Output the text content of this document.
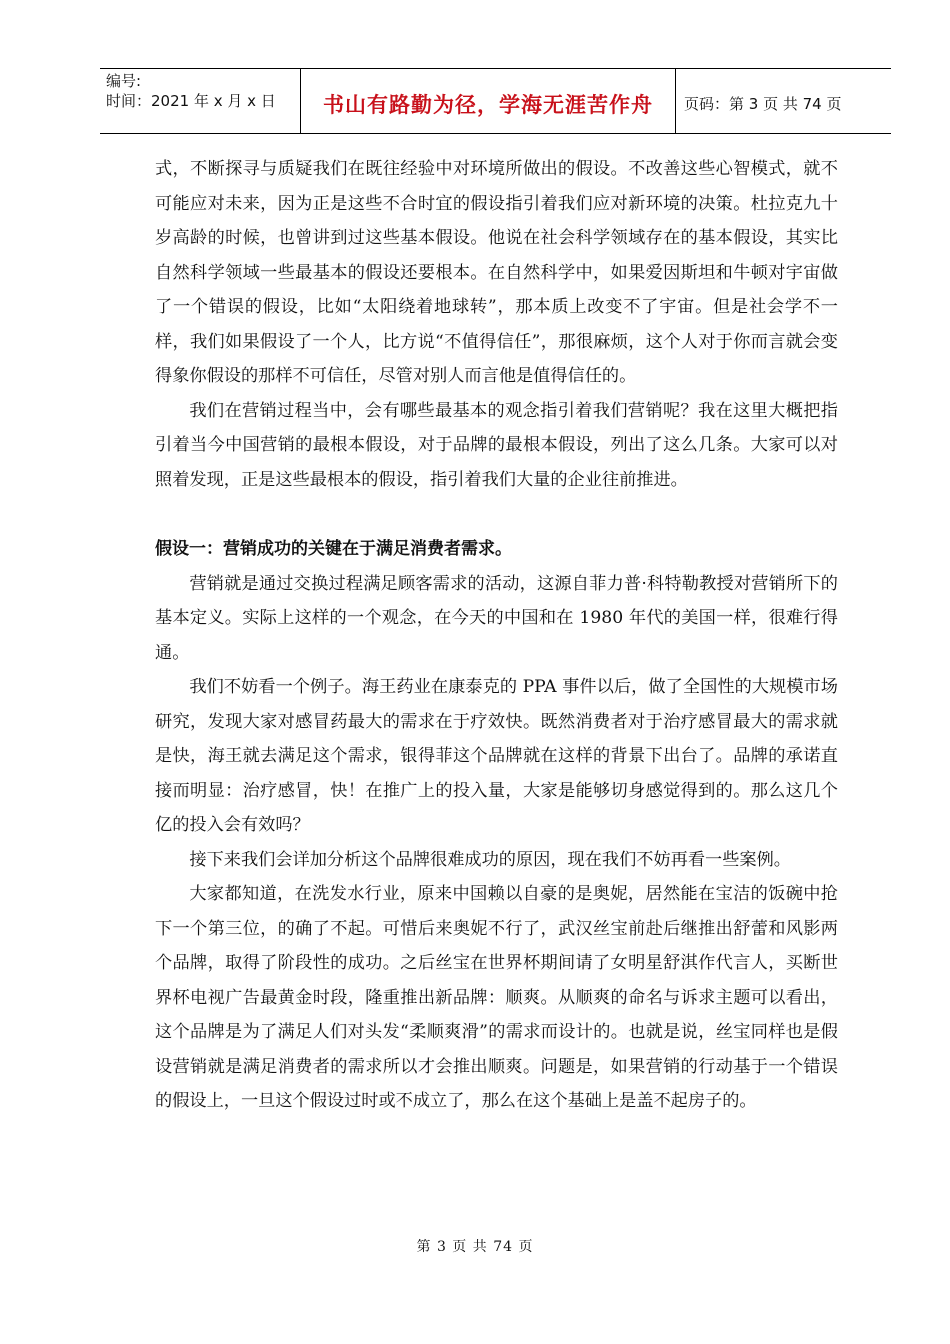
编号:
时间：2021 年 x 月 x 日	书山有路勤为径，学海无涯苦作舟	页码：第 3 页 共 74 页

式，不断探寻与质疑我们在既往经验中对环境所做出的假设。不改善这些心智模式，就不可能应对未来，因为正是这些不合时宜的假设指引着我们应对新环境的决策。杜拉克九十岁高龄的时候，也曾讲到过这些基本假设。他说在社会科学领域存在的基本假设，其实比自然科学领域一些最基本的假设还要根本。在自然科学中，如果爱因斯坦和牛顿对宇宙做了一个错误的假设，比如“太阳绕着地球转”，那本质上改变不了宇宙。但是社会学不一样，我们如果假设了一个人，比方说“不值得信任”，那很麻烦，这个人对于你而言就会变得象你假设的那样不可信任，尽管对别人而言他是值得信任的。

我们在营销过程当中，会有哪些最基本的观念指引着我们营销呢？我在这里大概把指引着当今中国营销的最根本假设，对于品牌的最根本假设，列出了这么几条。大家可以对照着发现，正是这些最根本的假设，指引着我们大量的企业往前推进。

假设一：营销成功的关键在于满足消费者需求。

营销就是通过交换过程满足顾客需求的活动，这源自菲力普·科特勒教授对营销所下的基本定义。实际上这样的一个观念，在今天的中国和在 1980 年代的美国一样，很难行得通。

我们不妨看一个例子。海王药业在康泰克的 PPA 事件以后，做了全国性的大规模市场研究，发现大家对感冒药最大的需求在于疗效快。既然消费者对于治疗感冒最大的需求就是快，海王就去满足这个需求，银得菲这个品牌就在这样的背景下出台了。品牌的承诺直接而明显：治疗感冒，快！在推广上的投入量，大家是能够切身感觉得到的。那么这几个亿的投入会有效吗？

接下来我们会详加分析这个品牌很难成功的原因，现在我们不妨再看一些案例。

大家都知道，在洗发水行业，原来中国赖以自豪的是奥妮，居然能在宝洁的饭碗中抢下一个第三位，的确了不起。可惜后来奥妮不行了，武汉丝宝前赴后继推出舒蕾和风影两个品牌，取得了阶段性的成功。之后丝宝在世界杯期间请了女明星舒淇作代言人，买断世界杯电视广告最黄金时段，隆重推出新品牌：顺爽。从顺爽的命名与诉求主题可以看出，这个品牌是为了满足人们对头发“柔顺爽滑”的需求而设计的。也就是说，丝宝同样也是假设营销就是满足消费者的需求所以才会推出顺爽。问题是，如果营销的行动基于一个错误的假设上，一旦这个假设过时或不成立了，那么在这个基础上是盖不起房子的。

第 3 页 共 74 页
